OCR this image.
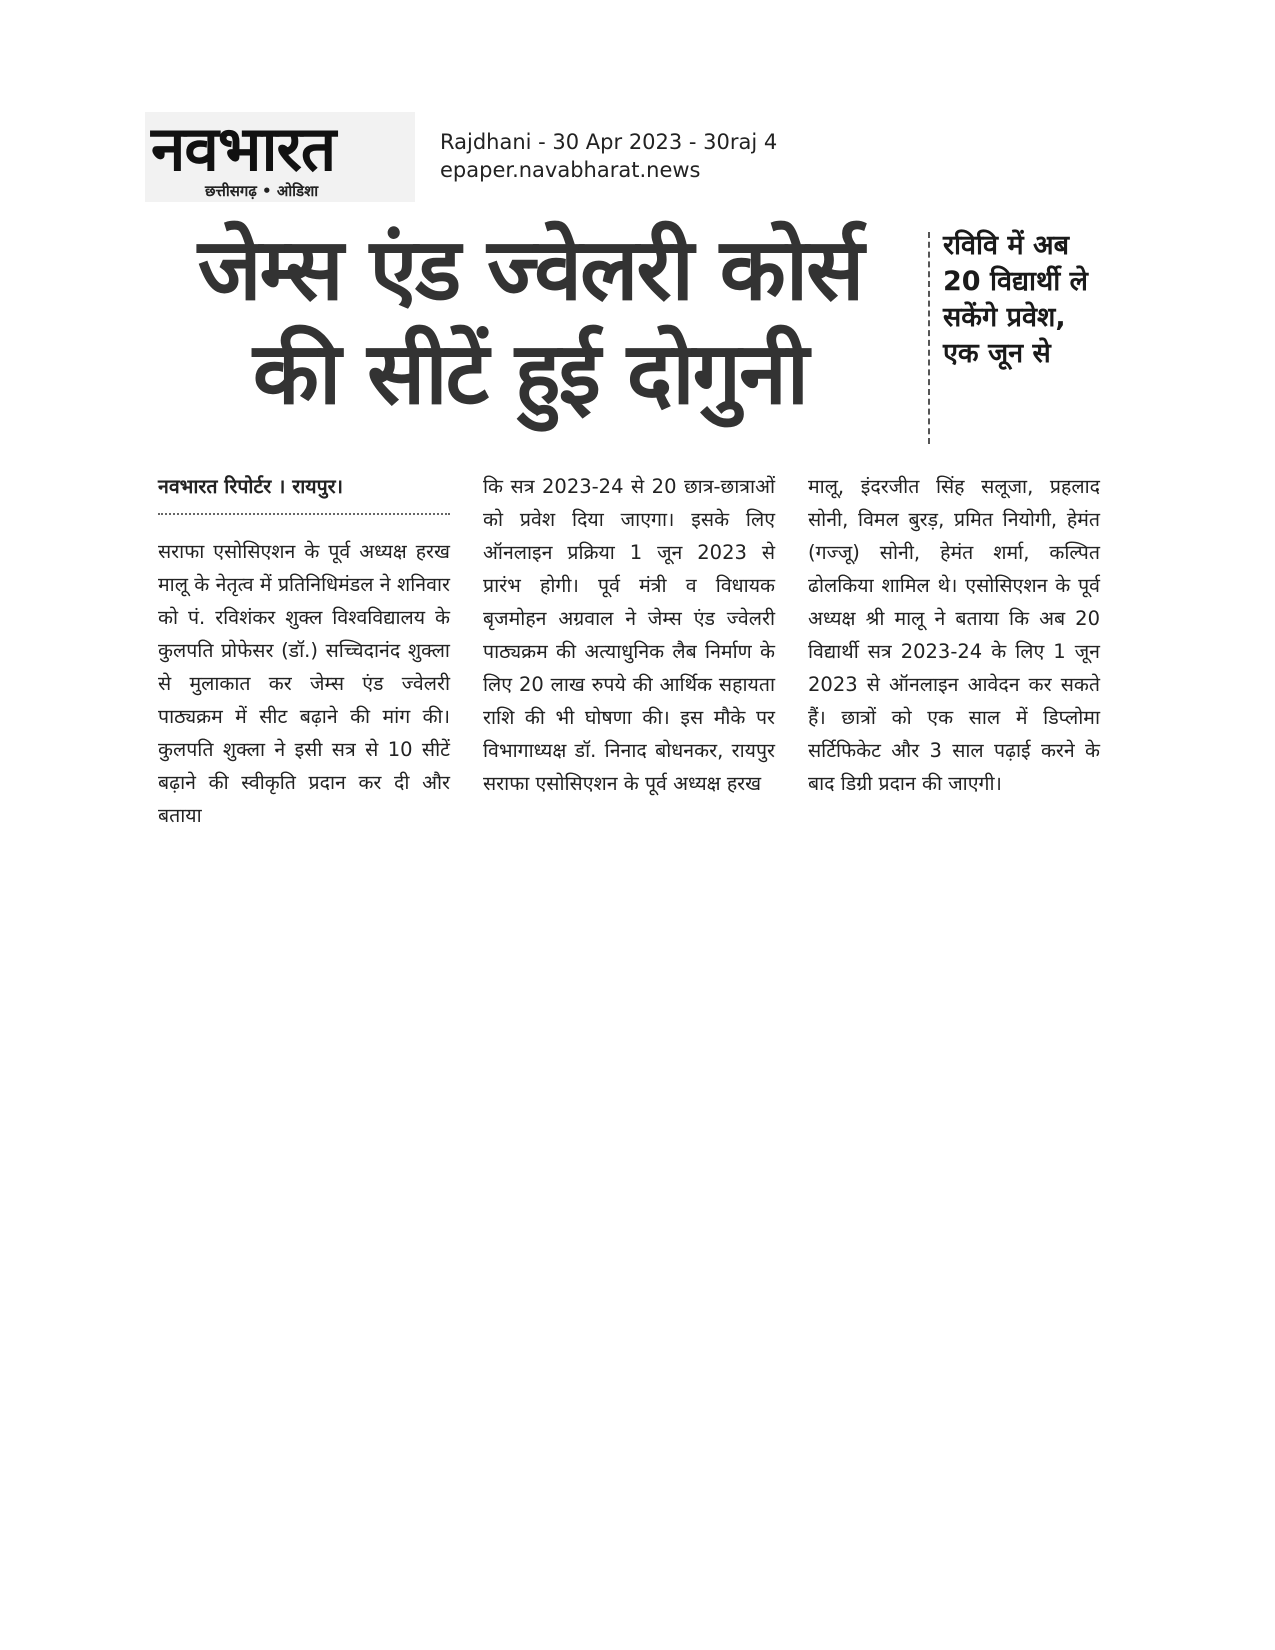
नवभारत
छत्तीसगढ़ • ओडिशा
Rajdhani - 30 Apr 2023 - 30raj 4
epaper.navabharat.news
जेम्स एंड ज्वेलरी कोर्स
की सीटें हुई दोगुनी
रविवि में अब 20 विद्यार्थी ले सकेंगे प्रवेश, एक जून से
नवभारत रिपोर्टर । रायपुर।

सराफा एसोसिएशन के पूर्व अध्यक्ष हरख मालू के नेतृत्व में प्रतिनिधिमंडल ने शनिवार को पं. रविशंकर शुक्ल विश्वविद्यालय के कुलपति प्रोफेसर (डॉ.) सच्चिदानंद शुक्ला से मुलाकात कर जेम्स एंड ज्वेलरी पाठ्यक्रम में सीट बढ़ाने की मांग की। कुलपति शुक्ला ने इसी सत्र से 10 सीटें बढ़ाने की स्वीकृति प्रदान कर दी और बताया

कि सत्र 2023-24 से 20 छात्र-छात्राओं को प्रवेश दिया जाएगा। इसके लिए ऑनलाइन प्रक्रिया 1 जून 2023 से प्रारंभ होगी। पूर्व मंत्री व विधायक बृजमोहन अग्रवाल ने जेम्स एंड ज्वेलरी पाठ्यक्रम की अत्याधुनिक लैब निर्माण के लिए 20 लाख रुपये की आर्थिक सहायता राशि की भी घोषणा की। इस मौके पर विभागाध्यक्ष डॉ. निनाद बोधनकर, रायपुर सराफा एसोसिएशन के पूर्व अध्यक्ष हरख

मालू, इंदरजीत सिंह सलूजा, प्रहलाद सोनी, विमल बुरड़, प्रमित नियोगी, हेमंत (गज्जू) सोनी, हेमंत शर्मा, कल्पित ढोलकिया शामिल थे। एसोसिएशन के पूर्व अध्यक्ष श्री मालू ने बताया कि अब 20 विद्यार्थी सत्र 2023-24 के लिए 1 जून 2023 से ऑनलाइन आवेदन कर सकते हैं। छात्रों को एक साल में डिप्लोमा सर्टिफिकेट और 3 साल पढ़ाई करने के बाद डिग्री प्रदान की जाएगी।
